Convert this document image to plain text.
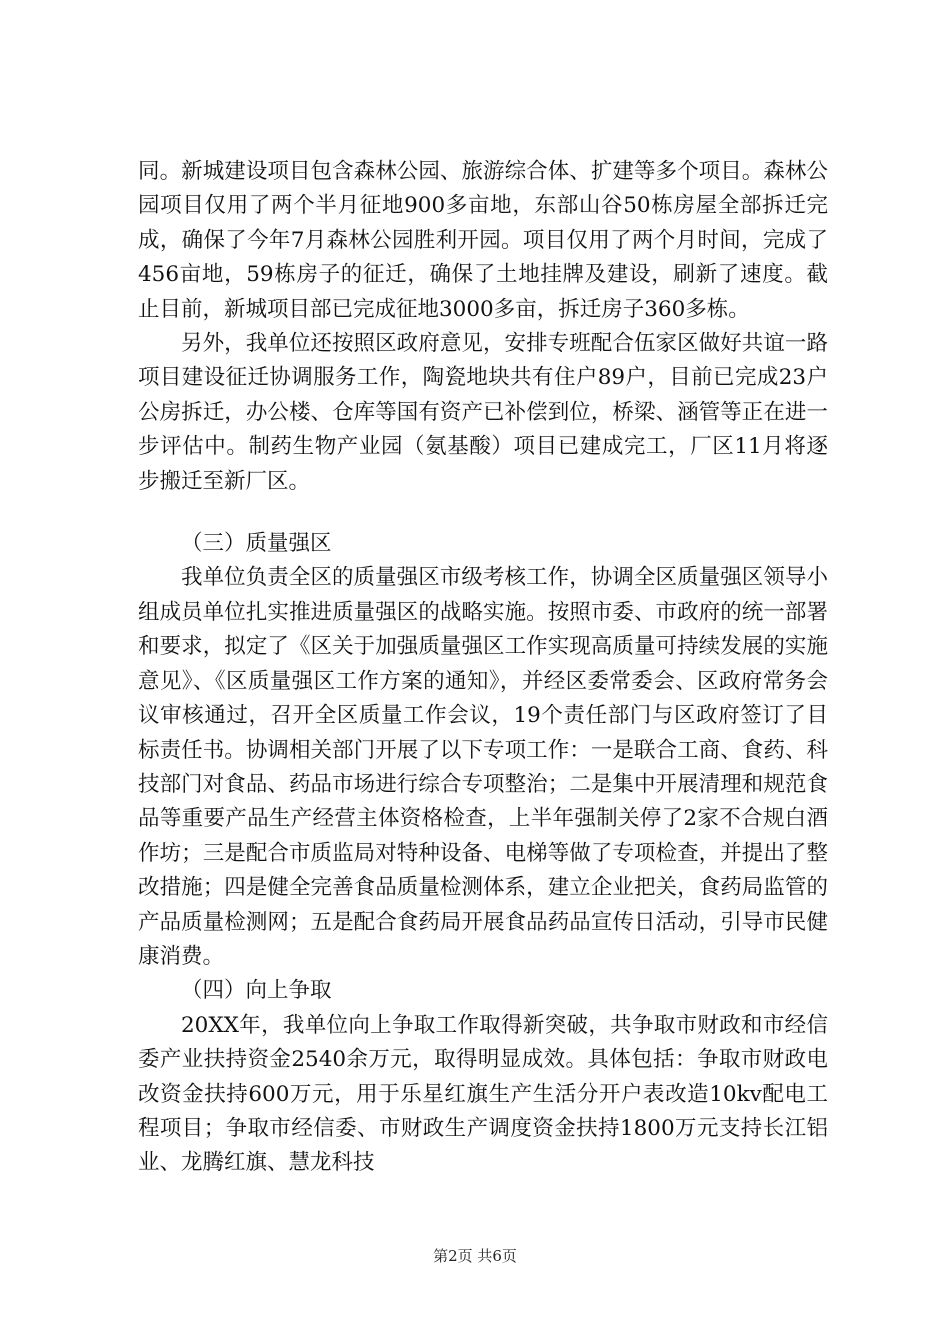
同。新城建设项目包含森林公园、旅游综合体、扩建等多个项目。森林公园项目仅用了两个半月征地900多亩地，东部山谷50栋房屋全部拆迁完成，确保了今年7月森林公园胜利开园。项目仅用了两个月时间，完成了456亩地，59栋房子的征迁，确保了土地挂牌及建设，刷新了速度。截止目前，新城项目部已完成征地3000多亩，拆迁房子360多栋。

另外，我单位还按照区政府意见，安排专班配合伍家区做好共谊一路项目建设征迁协调服务工作，陶瓷地块共有住户89户，目前已完成23户公房拆迁，办公楼、仓库等国有资产已补偿到位，桥梁、涵管等正在进一步评估中。制药生物产业园（氨基酸）项目已建成完工，厂区11月将逐步搬迁至新厂区。

（三）质量强区

我单位负责全区的质量强区市级考核工作，协调全区质量强区领导小组成员单位扎实推进质量强区的战略实施。按照市委、市政府的统一部署和要求，拟定了《区关于加强质量强区工作实现高质量可持续发展的实施意见》、《区质量强区工作方案的通知》，并经区委常委会、区政府常务会议审核通过，召开全区质量工作会议，19个责任部门与区政府签订了目标责任书。协调相关部门开展了以下专项工作：一是联合工商、食药、科技部门对食品、药品市场进行综合专项整治；二是集中开展清理和规范食品等重要产品生产经营主体资格检查，上半年强制关停了2家不合规白酒作坊；三是配合市质监局对特种设备、电梯等做了专项检查，并提出了整改措施；四是健全完善食品质量检测体系，建立企业把关，食药局监管的产品质量检测网；五是配合食药局开展食品药品宣传日活动，引导市民健康消费。

（四）向上争取

20XX年，我单位向上争取工作取得新突破，共争取市财政和市经信委产业扶持资金2540余万元，取得明显成效。具体包括：争取市财政电改资金扶持600万元，用于乐星红旗生产生活分开户表改造10kv配电工程项目；争取市经信委、市财政生产调度资金扶持1800万元支持长江铝业、龙腾红旗、慧龙科技

第2页 共6页
